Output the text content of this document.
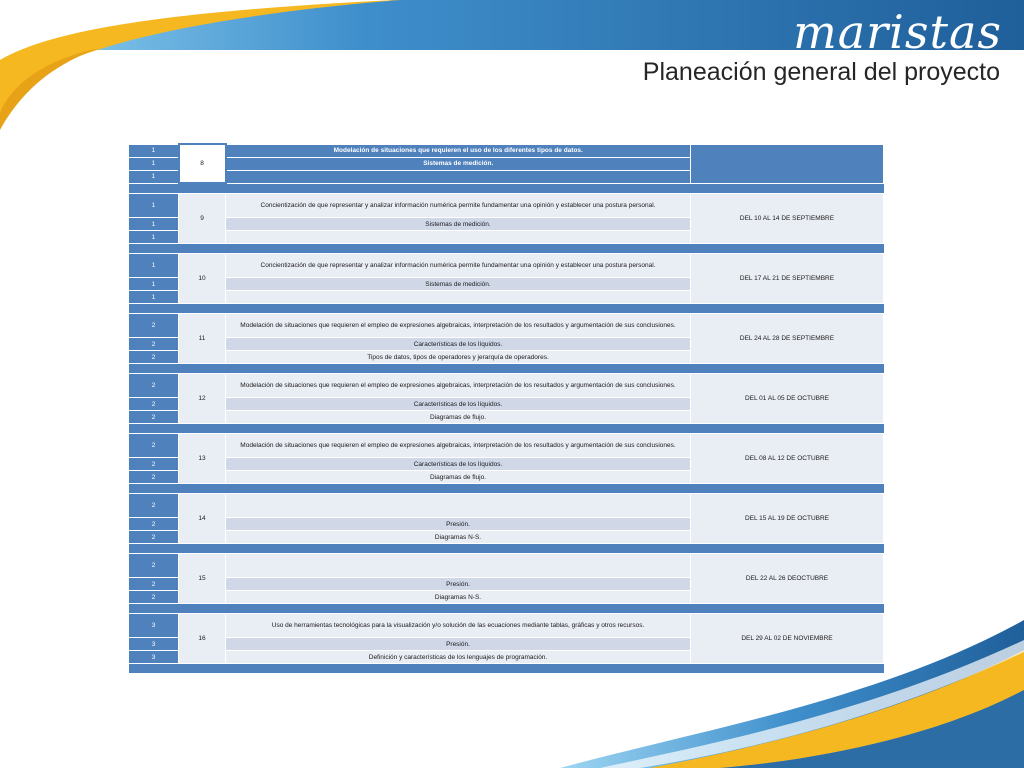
maristas
Planeación general del proyecto
1	8	Modelación de situaciones que requieren el uso de los diferentes tipos de datos.	
1		Sistemas de medición.	
1			

1	9	Concientización de que representar y analizar información numérica permite fundamentar una opinión y establecer una postura personal.	DEL 10 AL 14 DE SEPTIEMBRE
1		Sistemas de medición.	
1			

1	10	Concientización de que representar y analizar información numérica permite fundamentar una opinión y establecer una postura personal.	DEL 17 AL 21 DE SEPTIEMBRE
1		Sistemas de medición.	
1			

2	11	Modelación de situaciones que requieren el empleo de expresiones algebraicas, interpretación de los resultados y argumentación de sus conclusiones.	DEL 24 AL 28 DE SEPTIEMBRE
2		Características de los líquidos.	
2		Tipos de datos, tipos de operadores y jerarquía de operadores.	

2	12	Modelación de situaciones que requieren el empleo de expresiones algebraicas, interpretación de los resultados y argumentación de sus conclusiones.	DEL 01 AL 05 DE OCTUBRE
2		Características de los líquidos.	
2		Diagramas de flujo.	

2	13	Modelación de situaciones que requieren el empleo de expresiones algebraicas, interpretación de los resultados y argumentación de sus conclusiones.	DEL 08 AL 12 DE OCTUBRE
2		Características de los líquidos.	
2		Diagramas de flujo.	

2	14		DEL 15 AL 19 DE OCTUBRE
2		Presión.	
2		Diagramas N-S.	

2	15		DEL 22 AL 26 DEOCTUBRE
2		Presión.	
2		Diagramas N-S.	

3	16	Uso de herramientas tecnológicas para la visualización y/o solución de las ecuaciones mediante tablas, gráficas y otros recursos.	DEL 29 AL 02 DE NOVIEMBRE
3		Presión.	
3		Definición y características de los lenguajes de programación.	
